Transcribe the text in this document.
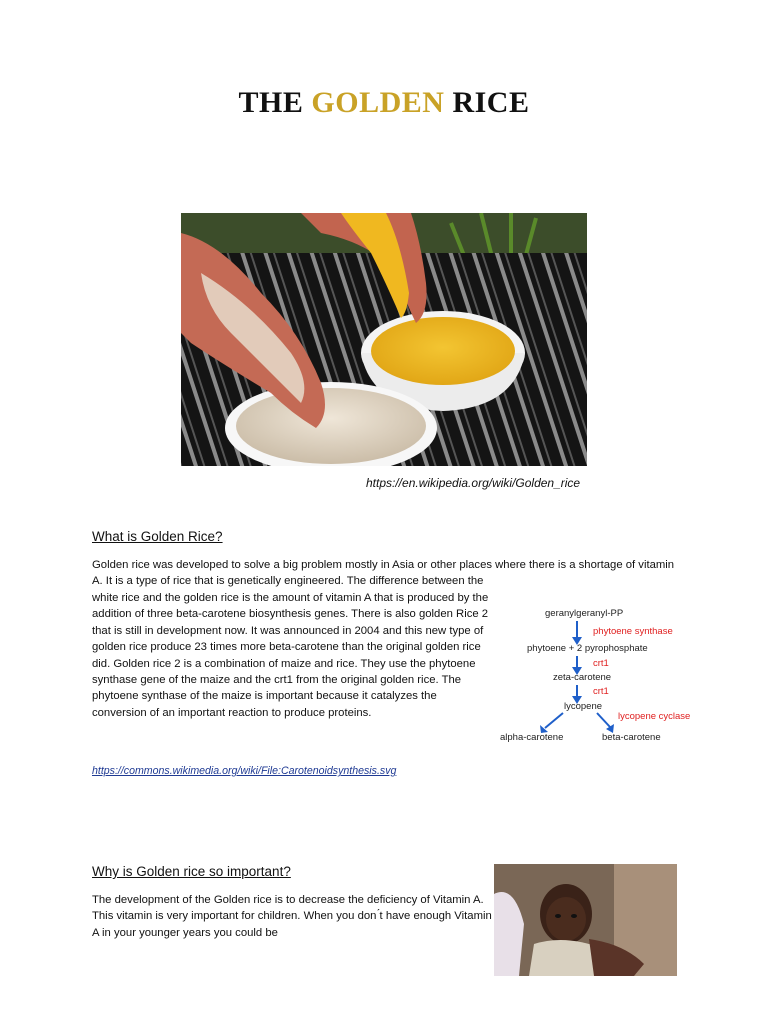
THE GOLDEN RICE
https://en.wikipedia.org/wiki/Golden_rice
What is Golden Rice?
Golden rice was developed to solve a big problem mostly in Asia or other places where there is a shortage of vitamin A. It is a type of rice that is genetically engineered. The difference between the
white rice and the golden rice is the amount of vitamin A that is produced by the addition of three beta-carotene biosynthesis genes. There is also golden Rice 2 that is still in development now. It was announced in 2004 and this new type of golden rice produce 23 times more beta-carotene than the original golden rice did. Golden rice 2 is a combination of maize and rice. They use the phytoene synthase gene of the maize and the crt1 from the original golden rice. The phytoene synthase of the maize is important because it catalyzes the conversion of an important reaction to produce proteins.
geranylgeranyl-PP
phytoene synthase
phytoene + 2 pyrophosphate
crt1
zeta-carotene
crt1
lycopene
lycopene cyclase
alpha-carotene	beta-carotene
https://commons.wikimedia.org/wiki/File:Carotenoidsynthesis.svg
Why is Golden rice so important?
The development of the Golden rice is to decrease the deficiency of Vitamin A. This vitamin is very important for children. When you don ́t have enough Vitamin A in your younger years you could be
